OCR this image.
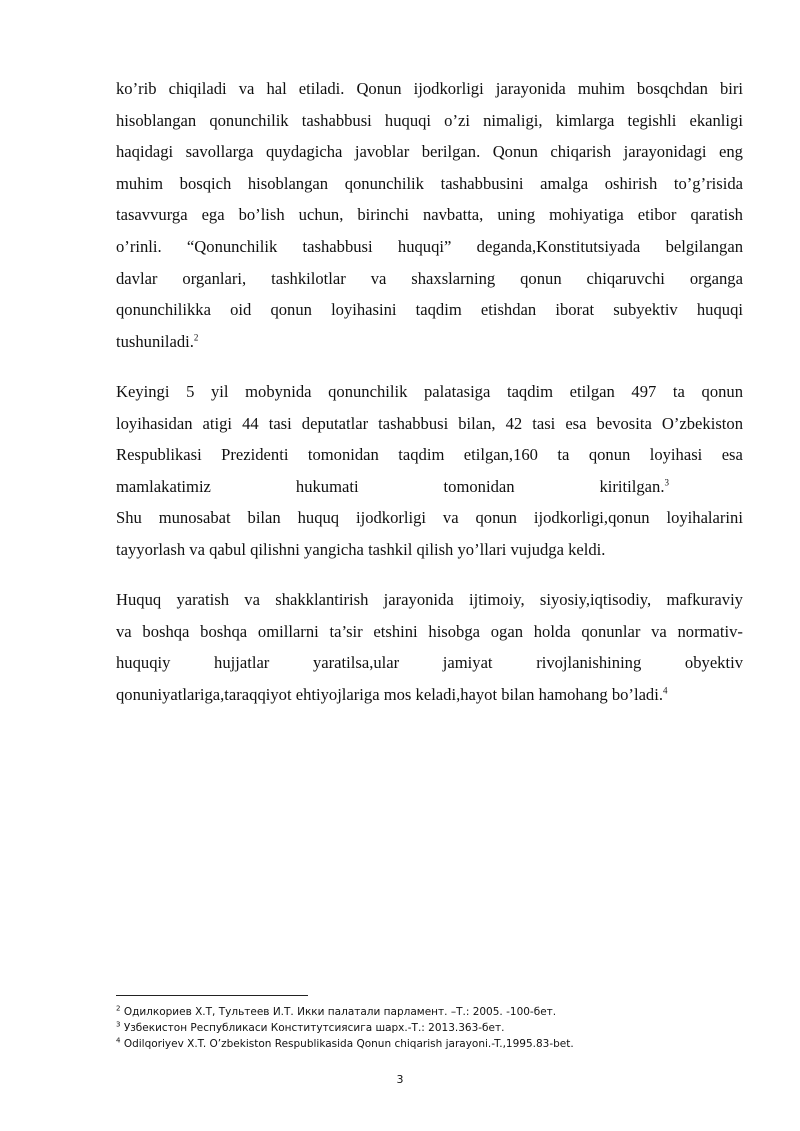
ko’rib chiqiladi va hal etiladi. Qonun ijodkorligi jarayonida muhim bosqchdan biri
hisoblangan qonunchilik tashabbusi huquqi o’zi nimaligi, kimlarga tegishli ekanligi
haqidagi savollarga quydagicha javoblar berilgan. Qonun chiqarish jarayonidagi eng
muhim bosqich hisoblangan qonunchilik tashabbusini amalga oshirish to’g’risida
tasavvurga ega bo’lish uchun, birinchi navbatta, uning mohiyatiga etibor qaratish
o’rinli. “Qonunchilik tashabbusi huquqi” deganda,Konstitutsiyada belgilangan
davlar organlari, tashkilotlar va shaxslarning qonun chiqaruvchi organga
qonunchilikka oid qonun loyihasini taqdim etishdan iborat subyektiv huquqi
tushuniladi.$^2$
Keyingi 5 yil mobynida qonunchilik palatasiga taqdim etilgan 497 ta qonun
loyihasidan atigi 44 tasi deputatlar tashabbusi bilan, 42 tasi esa bevosita O’zbekiston
Respublikasi Prezidenti tomonidan taqdim etilgan,160 ta qonun loyihasi esa
mamlakatimiz	hukumati	tomonidan	kiritilgan.$^3$
Shu munosabat bilan huquq ijodkorligi va qonun ijodkorligi,qonun loyihalarini
tayyorlash va qabul qilishni yangicha tashkil qilish yo’llari vujudga keldi.
Huquq yaratish va shakklantirish jarayonida ijtimoiy, siyosiy,iqtisodiy, mafkuraviy
va boshqa boshqa omillarni ta’sir etshini hisobga ogan holda qonunlar va normativ-
huquqiy	hujjatlar	yaratilsa,ular	jamiyat	rivojlanishining	obyektiv
qonuniyatlariga,taraqqiyot ehtiyojlariga mos keladi,hayot bilan hamohang bo’ladi.$^4$
$^2$ Одилкориев Х.Т, Тультеев И.Т. Икки палатали парламент. –Т.: 2005. -100-бет.
$^3$ Узбекистон Республикаси Конститутсиясига шарх.-Т.: 2013.363-бет.
$^4$ Odilqoriyev X.T. O’zbekiston Respublikasida Qonun chiqarish jarayoni.-T.,1995.83-bet.
3
